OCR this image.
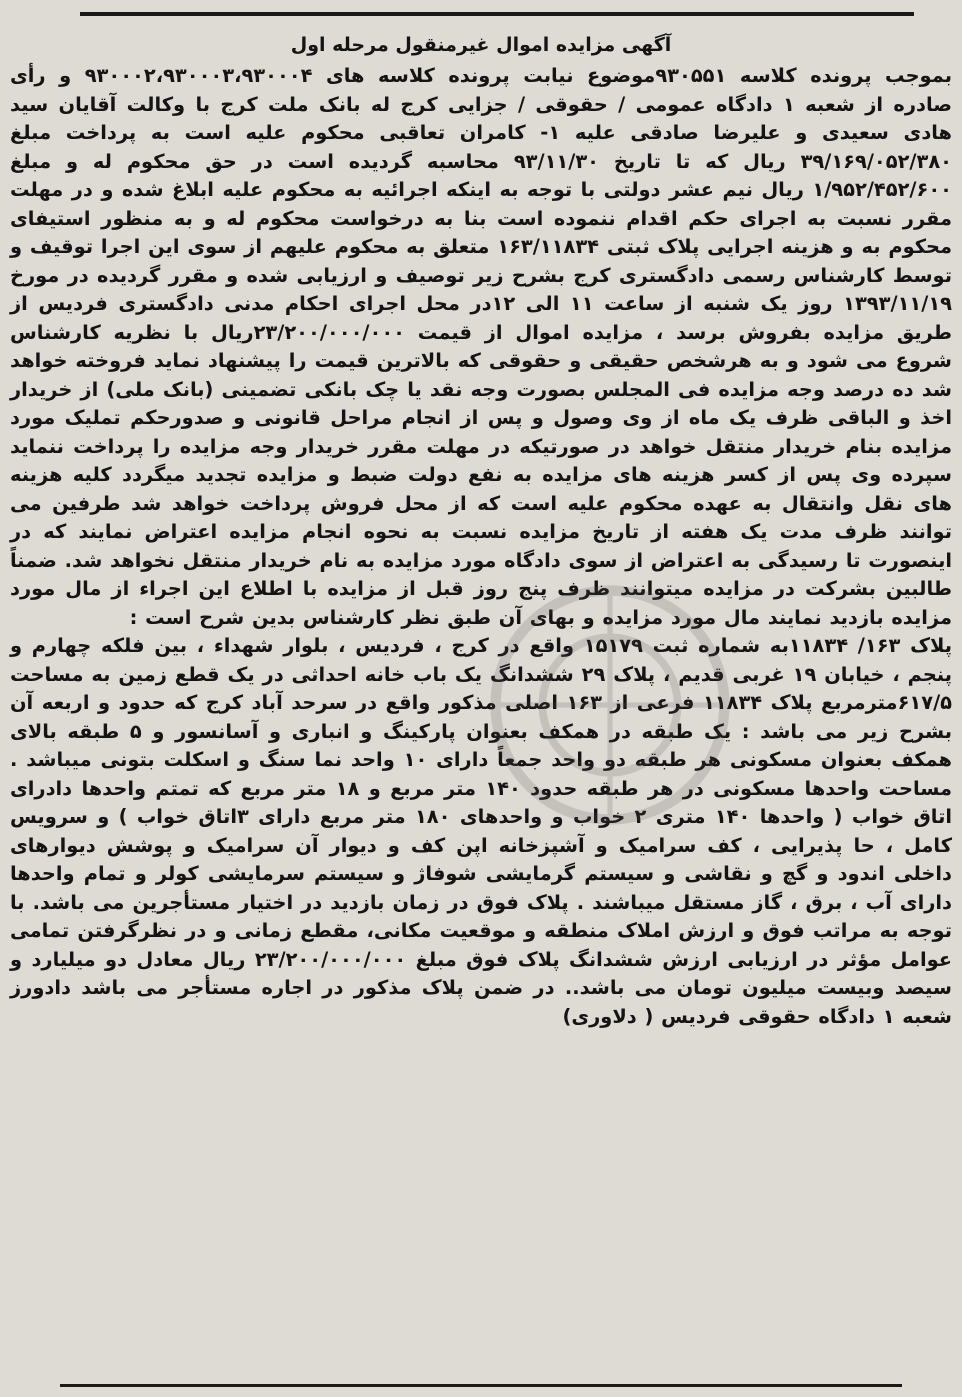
آگهی مزایده اموال غیرمنقول مرحله اول

بموجب پرونده کلاسه ۹۳۰۵۵۱موضوع نیابت پرونده کلاسه های ۹۳۰۰۰۲،۹۳۰۰۰۳،۹۳۰۰۰۴ و رأی صادره از شعبه ۱ دادگاه عمومی / حقوقی / جزایی کرج له بانک ملت کرج با وکالت آقایان سید هادی سعیدی و علیرضا صادقی علیه ۱- کامران تعاقبی محکوم علیه است به پرداخت مبلغ ۳۹/۱۶۹/۰۵۲/۳۸۰ ریال که تا تاریخ ۹۳/۱۱/۳۰ محاسبه گردیده است در حق محکوم له و مبلغ ۱/۹۵۲/۴۵۲/۶۰۰ ریال نیم عشر دولتی با توجه به اینکه اجرائیه به محکوم علیه ابلاغ شده و در مهلت مقرر نسبت به اجرای حکم اقدام ننموده است بنا به درخواست محکوم له و به منظور استیفای محکوم به و هزینه اجرایی پلاک ثبتی ۱۶۳/۱۱۸۳۴ متعلق به محکوم علیهم از سوی این اجرا توقیف و توسط کارشناس رسمی دادگستری کرج بشرح زیر توصیف و ارزیابی شده و مقرر گردیده در مورخ ۱۳۹۳/۱۱/۱۹ روز یک شنبه از ساعت ۱۱ الی ۱۲در محل اجرای احکام مدنی دادگستری فردیس از طریق مزایده بفروش برسد ، مزایده اموال از قیمت ۲۳/۲۰۰/۰۰۰/۰۰۰ریال با نظریه کارشناس شروع می شود و به هرشخص حقیقی و حقوقی که بالاترین قیمت را پیشنهاد نماید فروخته خواهد شد ده درصد وجه مزایده فی المجلس بصورت وجه نقد یا چک بانکی تضمینی (بانک ملی) از خریدار اخذ و الباقی ظرف یک ماه از وی وصول و پس از انجام مراحل قانونی و صدورحکم تملیک مورد مزایده بنام خریدار منتقل خواهد در صورتیکه در مهلت مقرر خریدار وجه مزایده را پرداخت ننماید سپرده وی پس از کسر هزینه های مزایده به نفع دولت ضبط و مزایده تجدید میگردد کلیه هزینه های نقل وانتقال به عهده محکوم علیه است که از محل فروش پرداخت خواهد شد طرفین می توانند ظرف مدت یک هفته از تاریخ مزایده نسبت به نحوه انجام مزایده اعتراض نمایند که در اینصورت تا رسیدگی به اعتراض از سوی دادگاه مورد مزایده به نام خریدار منتقل نخواهد شد. ضمناً طالبین بشرکت در مزایده میتوانند ظرف پنج روز قبل از مزایده با اطلاع این اجراء از مال مورد مزایده بازدید نمایند مال مورد مزایده و بهای آن طبق نظر کارشناس بدین شرح است :

پلاک ۱۶۳/ ۱۱۸۳۴به شماره ثبت ۱۵۱۷۹ واقع در کرج ، فردیس ، بلوار شهداء ، بین فلکه چهارم و پنجم ، خیابان ۱۹ غربی قدیم ، پلاک ۲۹ ششدانگ یک باب خانه احداثی در یک قطع زمین به مساحت ۶۱۷/۵مترمربع پلاک ۱۱۸۳۴ فرعی از ۱۶۳ اصلی مذکور واقع در سرحد آباد کرج که حدود و اربعه آن بشرح زیر می باشد : یک طبقه در همکف بعنوان پارکینگ و انباری و آسانسور و ۵ طبقه بالای همکف بعنوان مسکونی هر طبقه دو واحد جمعاً دارای ۱۰ واحد نما سنگ و اسکلت بتونی میباشد . مساحت واحدها مسکونی در هر طبقه حدود ۱۴۰ متر مربع و ۱۸ متر مربع که تمتم واحدها دادرای اتاق خواب ( واحدها ۱۴۰ متری ۲ خواب و واحدهای ۱۸۰ متر مربع دارای ۳اتاق خواب ) و سرویس کامل ، حا پذیرایی ، کف سرامیک و آشپزخانه اپن کف و دیوار آن سرامیک و پوشش دیوارهای داخلی اندود و گچ و نقاشی و سیستم گرمایشی شوفاژ و سیستم سرمایشی کولر و تمام واحدها دارای آب ، برق ، گاز مستقل میباشند . پلاک فوق در زمان بازدید در اختیار مستأجرین می باشد. با توجه به مراتب فوق و ارزش املاک منطقه و موقعیت مکانی، مقطع زمانی و در نظرگرفتن تمامی عوامل مؤثر در ارزیابی ارزش ششدانگ پلاک فوق مبلغ ۲۳/۲۰۰/۰۰۰/۰۰۰ ریال معادل دو میلیارد و سیصد وبیست میلیون تومان می باشد.. در ضمن پلاک مذکور در اجاره مستأجر می باشد دادورز شعبه ۱ دادگاه حقوقی فردیس ( دلاوری)
